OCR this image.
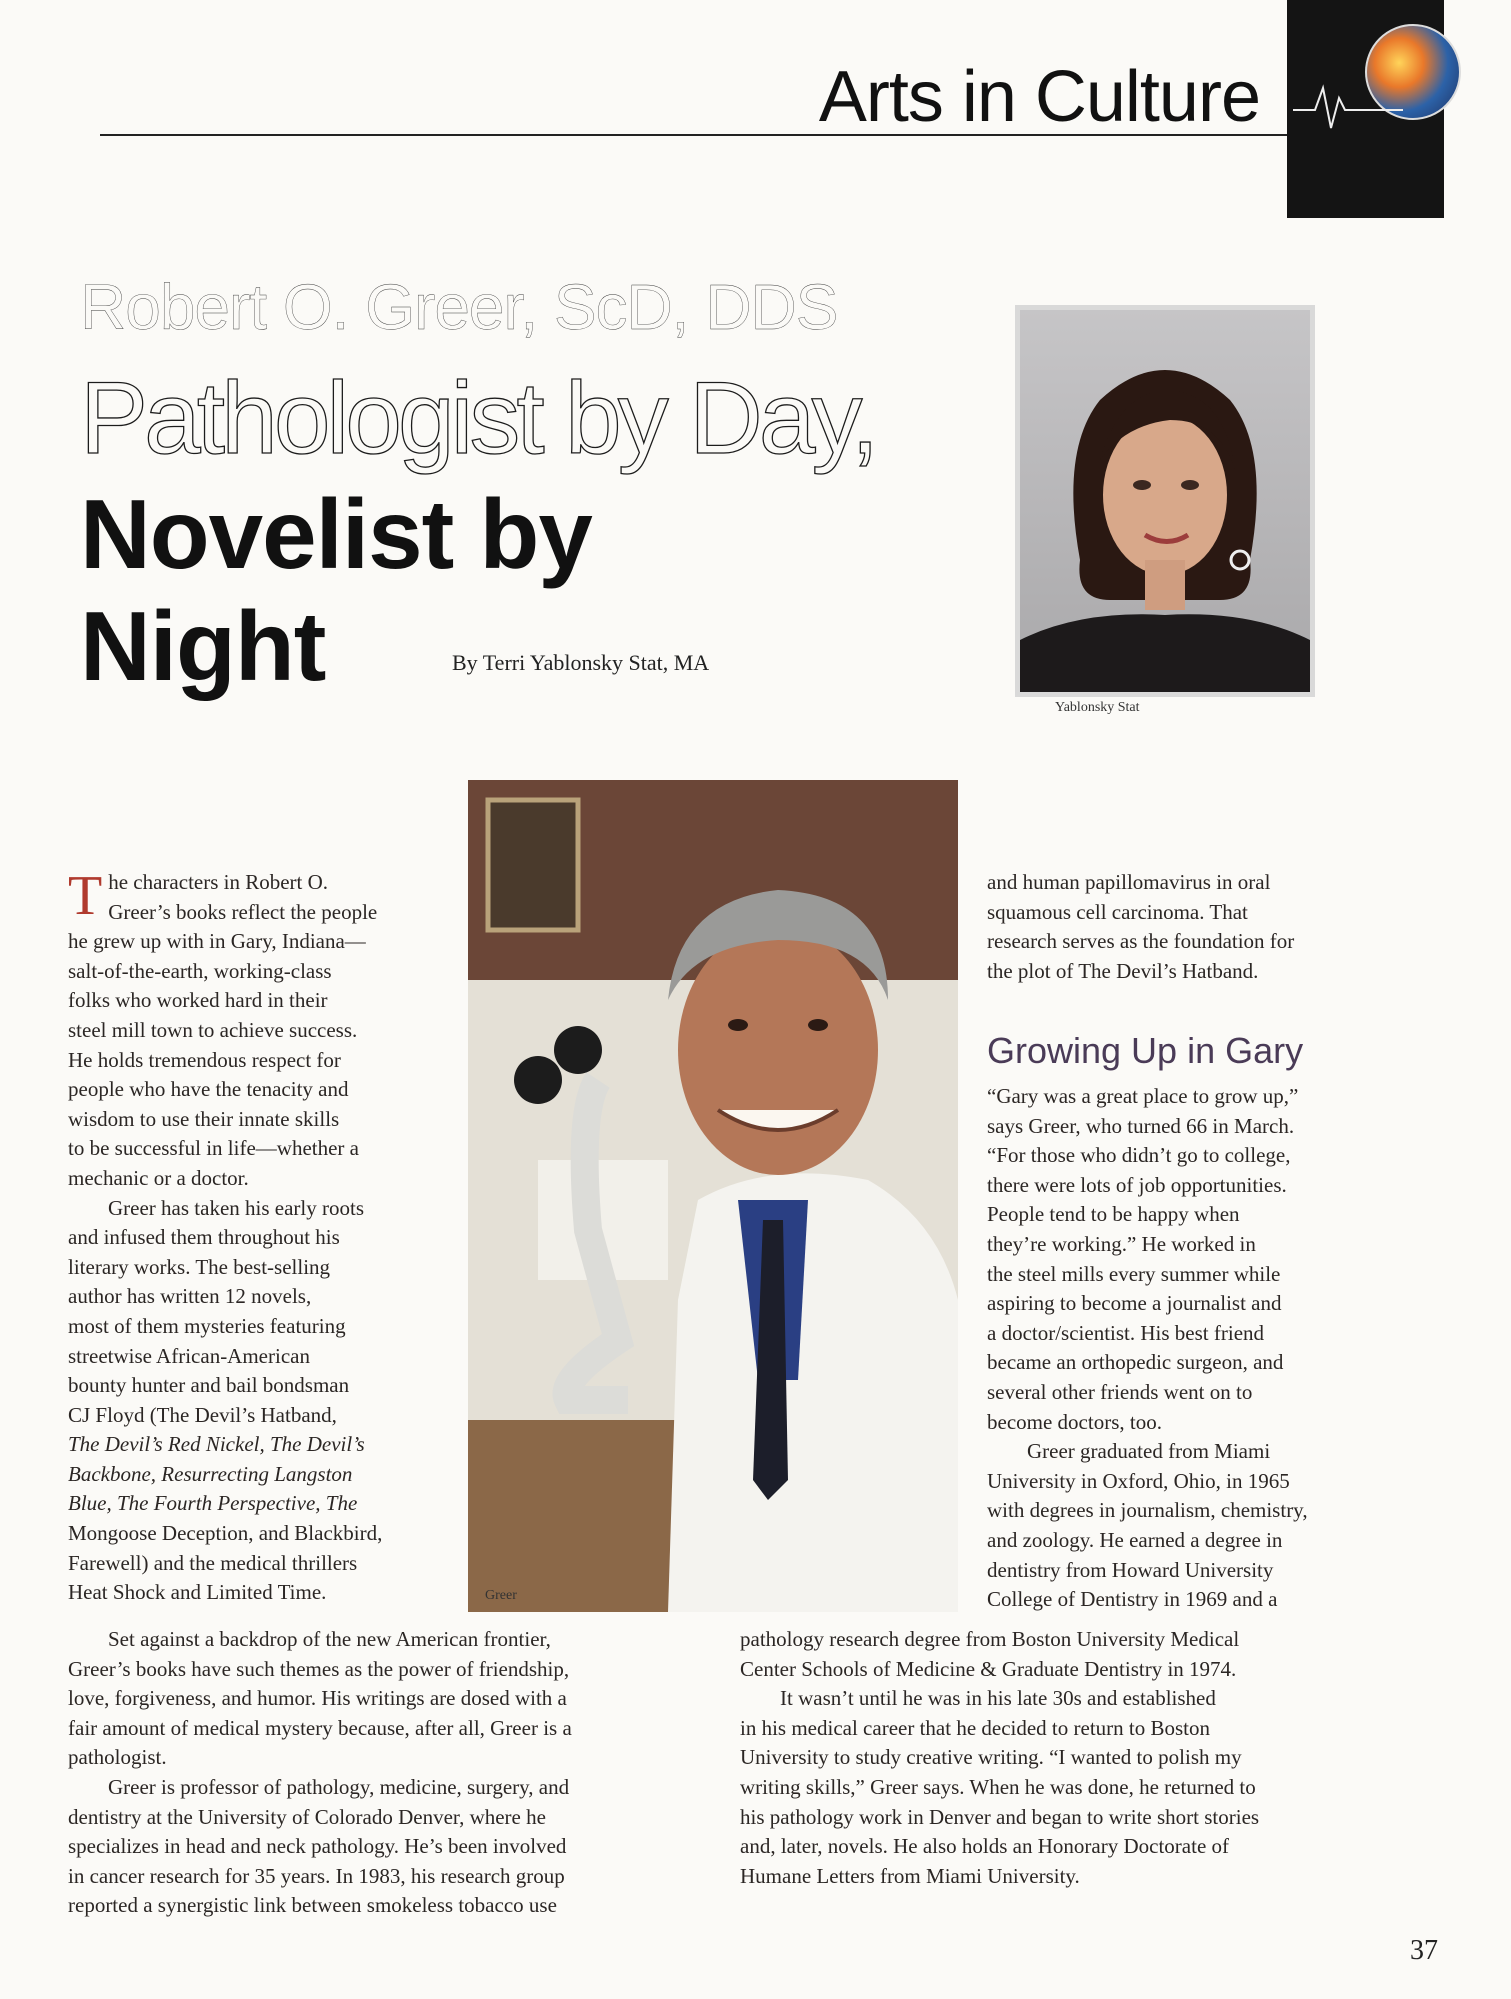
Arts in Culture
Robert O. Greer, ScD, DDS
Pathologist by Day,
Novelist by
Night	By Terri Yablonsky Stat, MA
Yablonsky Stat
Greer
T he characters in Robert O.
Greer’s books reflect the people
he grew up with in Gary, Indiana—
salt-of-the-earth, working-class
folks who worked hard in their
steel mill town to achieve success.
He holds tremendous respect for
people who have the tenacity and
wisdom to use their innate skills
to be successful in life—whether a
mechanic or a doctor.

Greer has taken his early roots
and infused them throughout his
literary works. The best-selling
author has written 12 novels,
most of them mysteries featuring
streetwise African-American
bounty hunter and bail bondsman
CJ Floyd (The Devil’s Hatband,
The Devil’s Red Nickel, The Devil’s
Backbone, Resurrecting Langston
Blue, The Fourth Perspective, The
Mongoose Deception, and Blackbird,
Farewell) and the medical thrillers
Heat Shock and Limited Time.

Set against a backdrop of the new American frontier,
Greer’s books have such themes as the power of friendship,
love, forgiveness, and humor. His writings are dosed with a
fair amount of medical mystery because, after all, Greer is a
pathologist.

Greer is professor of pathology, medicine, surgery, and
dentistry at the University of Colorado Denver, where he
specializes in head and neck pathology. He’s been involved
in cancer research for 35 years. In 1983, his research group
reported a synergistic link between smokeless tobacco use

and human papillomavirus in oral
squamous cell carcinoma. That
research serves as the foundation for
the plot of The Devil’s Hatband.

Growing Up in Gary

“Gary was a great place to grow up,”
says Greer, who turned 66 in March.
“For those who didn’t go to college,
there were lots of job opportunities.
People tend to be happy when
they’re working.” He worked in
the steel mills every summer while
aspiring to become a journalist and
a doctor/scientist. His best friend
became an orthopedic surgeon, and
several other friends went on to
become doctors, too.

Greer graduated from Miami
University in Oxford, Ohio, in 1965
with degrees in journalism, chemistry,
and zoology. He earned a degree in
dentistry from Howard University
College of Dentistry in 1969 and a

pathology research degree from Boston University Medical
Center Schools of Medicine & Graduate Dentistry in 1974.

It wasn’t until he was in his late 30s and established
in his medical career that he decided to return to Boston
University to study creative writing. “I wanted to polish my
writing skills,” Greer says. When he was done, he returned to
his pathology work in Denver and began to write short stories
and, later, novels. He also holds an Honorary Doctorate of
Humane Letters from Miami University.

37
